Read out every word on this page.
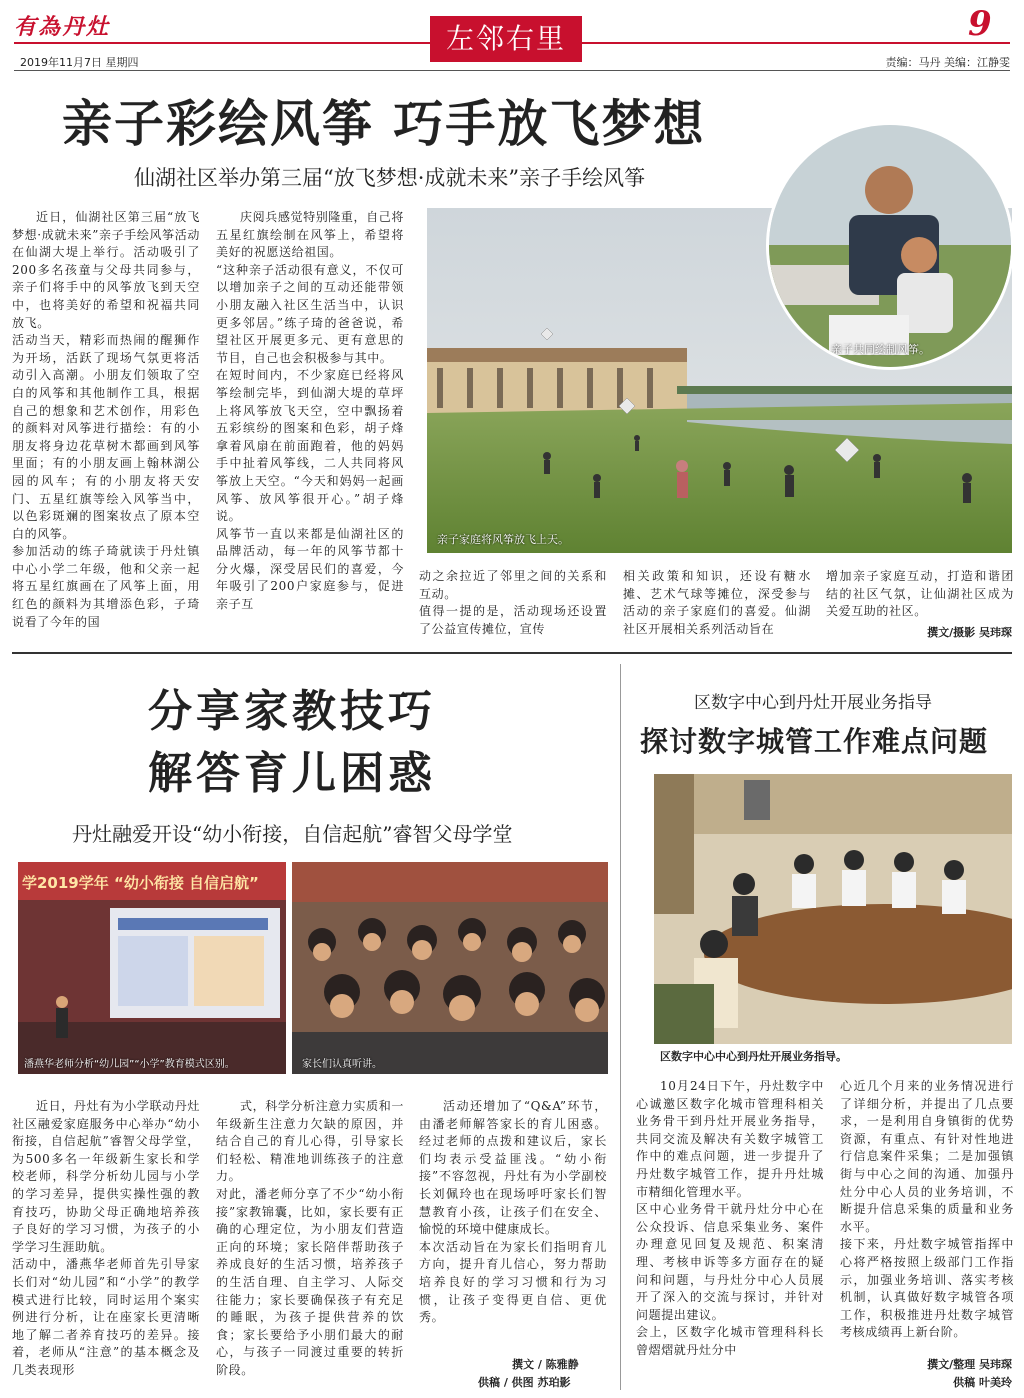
有為丹灶	左邻右里	9
2019年11月7日 星期四	责编：马丹 美编：江静雯
亲子彩绘风筝 巧手放飞梦想
仙湖社区举办第三届“放飞梦想·成就未来”亲子手绘风筝
亲子家庭将风筝放飞上天。
亲子共同绘制风筝。
近日，仙湖社区第三届“放飞梦想·成就未来”亲子手绘风筝活动在仙湖大堤上举行。活动吸引了200多名孩童与父母共同参与，亲子们将手中的风筝放飞到天空中，也将美好的希望和祝福共同放飞。
活动当天，精彩而热闹的醒狮作为开场，活跃了现场气氛更将活动引入高潮。小朋友们领取了空白的风筝和其他制作工具，根据自己的想象和艺术创作，用彩色的颜料对风筝进行描绘：有的小朋友将身边花草树木都画到风筝里面；有的小朋友画上翰林湖公园的风车；有的小朋友将天安门、五星红旗等绘入风筝当中，以色彩斑斓的图案妆点了原本空白的风筝。
参加活动的练子琦就读于丹灶镇中心小学二年级，他和父亲一起将五星红旗画在了风筝上面，用红色的颜料为其增添色彩，子琦说看了今年的国
庆阅兵感觉特别隆重，自己将五星红旗绘制在风筝上，希望将美好的祝愿送给祖国。
“这种亲子活动很有意义，不仅可以增加亲子之间的互动还能带领小朋友融入社区生活当中，认识更多邻居。”练子琦的爸爸说，希望社区开展更多元、更有意思的节目，自己也会积极参与其中。
在短时间内，不少家庭已经将风筝绘制完毕，到仙湖大堤的草坪上将风筝放飞天空，空中飘扬着五彩缤纷的图案和色彩，胡子烽拿着风扇在前面跑着，他的妈妈手中扯着风筝线，二人共同将风筝放上天空。“今天和妈妈一起画风筝、放风筝很开心。”胡子烽说。
风筝节一直以来都是仙湖社区的品牌活动，每一年的风筝节都十分火爆，深受居民们的喜爱，今年吸引了200户家庭参与，促进亲子互
动之余拉近了邻里之间的关系和互动。
值得一提的是，活动现场还设置了公益宣传摊位，宣传
相关政策和知识，还设有糖水摊、艺术气球等摊位，深受参与活动的亲子家庭们的喜爱。仙湖社区开展相关系列活动旨在
增加亲子家庭互动，打造和谐团结的社区气氛，让仙湖社区成为关爱互助的社区。
撰文/摄影 吴玮琛
分享家教技巧
解答育儿困惑
丹灶融爱开设“幼小衔接，自信起航”睿智父母学堂
学2019学年 “幼小衔接 自信启航”
潘燕华老师分析“幼儿园”“小学”教育模式区别。	家长们认真听讲。
近日，丹灶有为小学联动丹灶社区融爱家庭服务中心举办“幼小衔接，自信起航”睿智父母学堂，为500多名一年级新生家长和学校老师，科学分析幼儿园与小学的学习差异，提供实操性强的教育技巧，协助父母正确地培养孩子良好的学习习惯，为孩子的小学学习生涯助航。
活动中，潘燕华老师首先引导家长们对“幼儿园”和“小学”的教学模式进行比较，同时运用个案实例进行分析，让在座家长更清晰地了解二者养育技巧的差异。接着，老师从“注意”的基本概念及几类表现形
式，科学分析注意力实质和一年级新生注意力欠缺的原因，并结合自己的育儿心得，引导家长们轻松、精准地训练孩子的注意力。
对此，潘老师分享了不少“幼小衔接”家教锦囊，比如，家长要有正确的心理定位，为小朋友们营造正向的环境；家长陪伴帮助孩子养成良好的生活习惯，培养孩子的生活自理、自主学习、人际交往能力；家长要确保孩子有充足的睡眠，为孩子提供营养的饮食；家长要给予小朋们最大的耐心，与孩子一同渡过重要的转折阶段。
活动还增加了“Q&A”环节，由潘老师解答家长的育儿困惑。经过老师的点拨和建议后，家长们均表示受益匪浅。“幼小衔接”不容忽视，丹灶有为小学副校长刘佩玲也在现场呼吁家长们智慧教育小孩，让孩子们在安全、愉悦的环境中健康成长。
本次活动旨在为家长们指明育儿方向，提升育儿信心，努力帮助培养良好的学习习惯和行为习惯，让孩子变得更自信、更优秀。
撰文 / 陈雅静
供稿 / 供图 苏珀影
区数字中心到丹灶开展业务指导
探讨数字城管工作难点问题
区数字中心中心到丹灶开展业务指导。
10月24日下午，丹灶数字中心诚邀区数字化城市管理科相关业务骨干到丹灶开展业务指导，共同交流及解决有关数字城管工作中的难点问题，进一步提升了丹灶数字城管工作，提升丹灶城市精细化管理水平。
区中心业务骨干就丹灶分中心在公众投诉、信息采集业务、案件办理意见回复及规范、积案清理、考核申诉等多方面存在的疑问和问题，与丹灶分中心人员展开了深入的交流与探讨，并针对问题提出建议。
会上，区数字化城市管理科科长曾熠熠就丹灶分中
心近几个月来的业务情况进行了详细分析，并提出了几点要求，一是利用自身镇街的优势资源，有重点、有针对性地进行信息案件采集；二是加强镇街与中心之间的沟通、加强丹灶分中心人员的业务培训，不断提升信息采集的质量和业务水平。
接下来，丹灶数字城管指挥中心将严格按照上级部门工作指示，加强业务培训、落实考核机制，认真做好数字城管各项工作，积极推进丹灶数字城管考核成绩再上新台阶。
撰文/整理 吴玮琛
供稿 叶美玲
